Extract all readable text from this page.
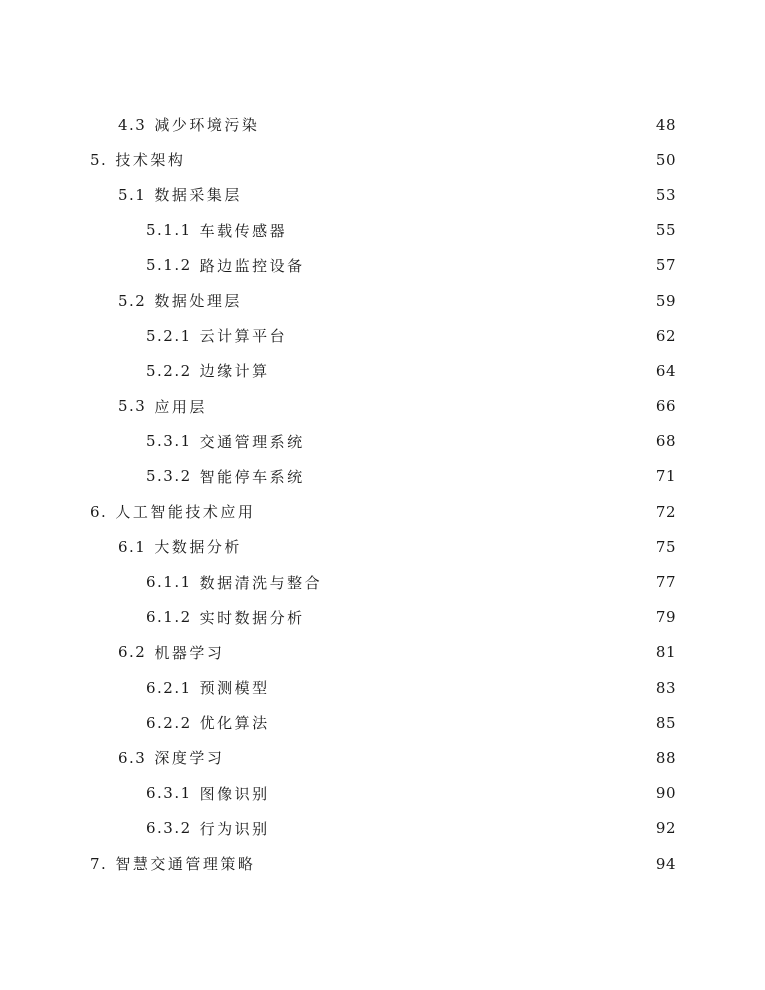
4.3 减少环境污染	48
5. 技术架构	50
5.1 数据采集层	53
5.1.1 车载传感器	55
5.1.2 路边监控设备	57
5.2 数据处理层	59
5.2.1 云计算平台	62
5.2.2 边缘计算	64
5.3 应用层	66
5.3.1 交通管理系统	68
5.3.2 智能停车系统	71
6. 人工智能技术应用	72
6.1 大数据分析	75
6.1.1 数据清洗与整合	77
6.1.2 实时数据分析	79
6.2 机器学习	81
6.2.1 预测模型	83
6.2.2 优化算法	85
6.3 深度学习	88
6.3.1 图像识别	90
6.3.2 行为识别	92
7. 智慧交通管理策略	94
